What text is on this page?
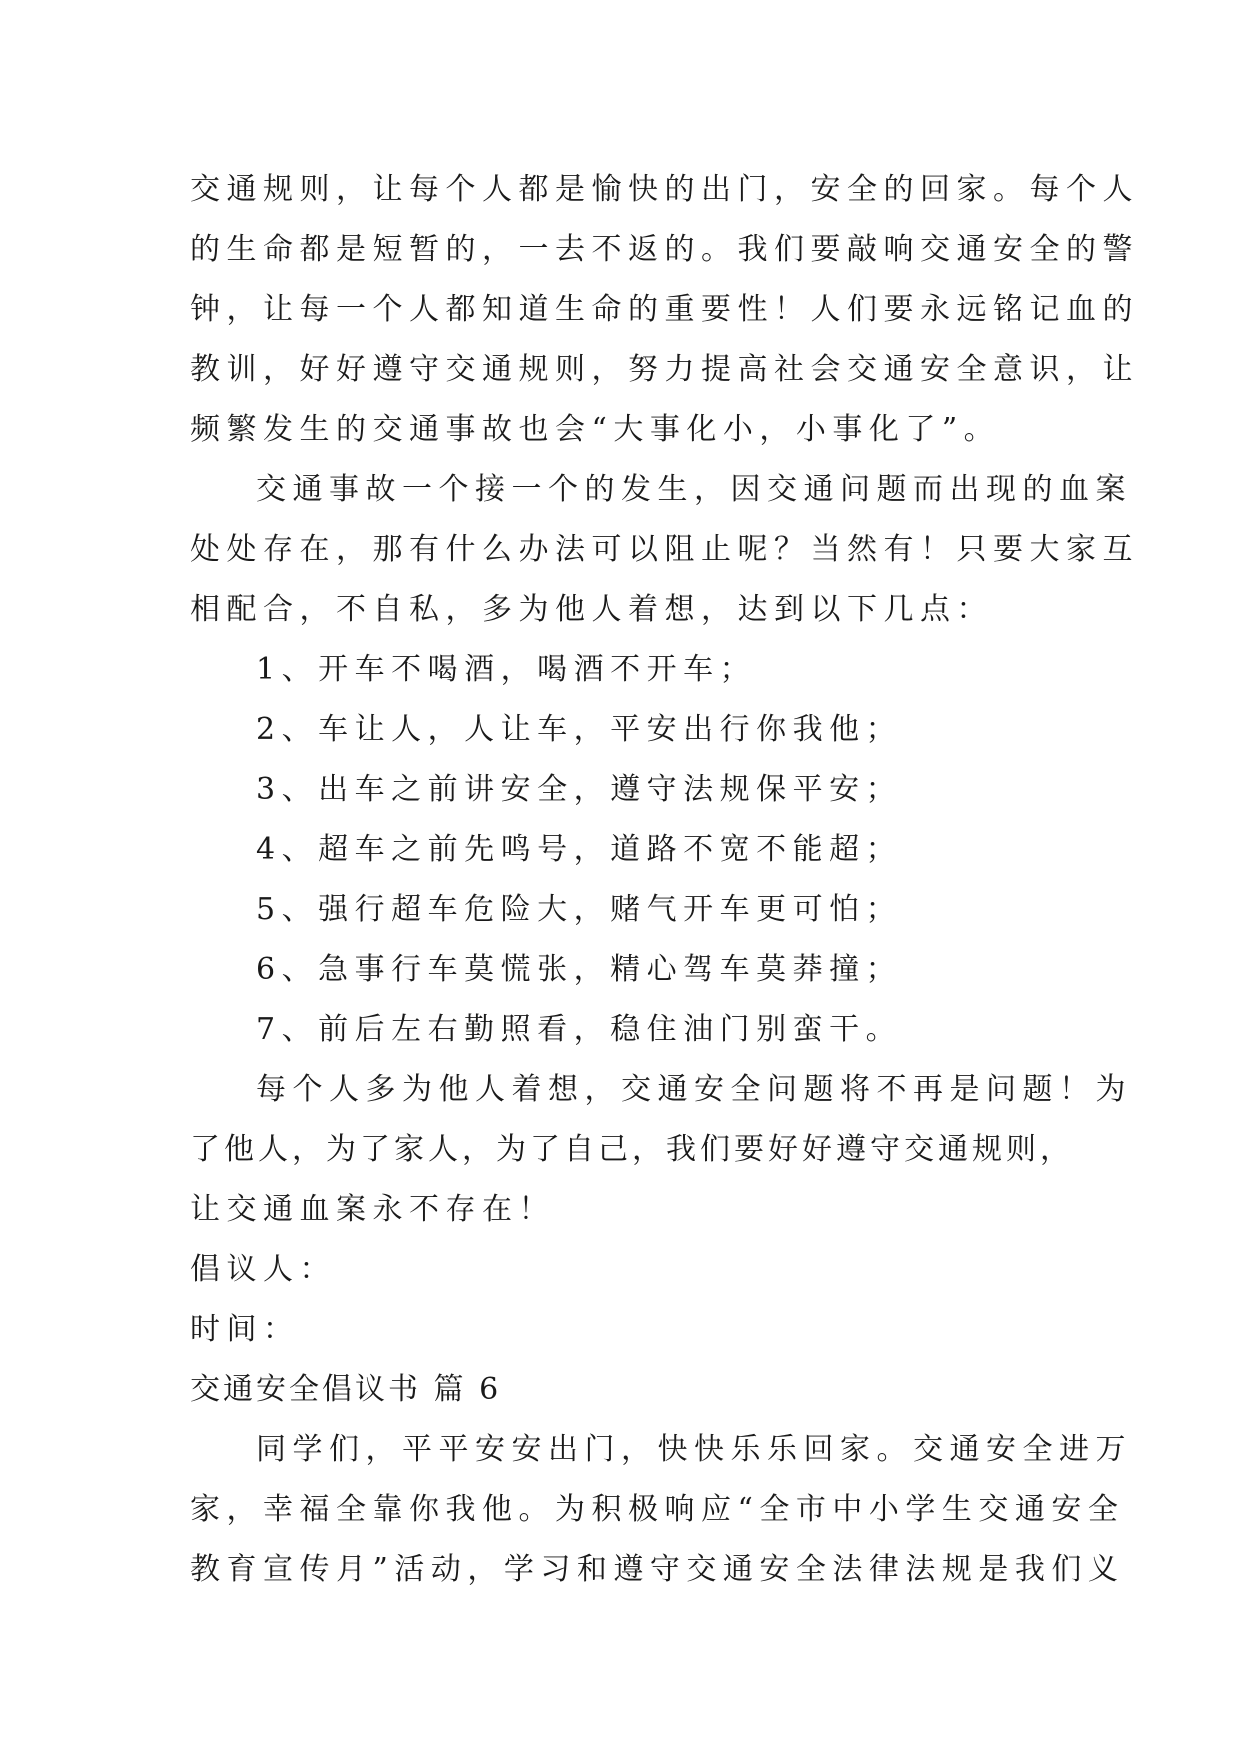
交通规则，让每个人都是愉快的出门，安全的回家。每个人
的生命都是短暂的，一去不返的。我们要敲响交通安全的警
钟，让每一个人都知道生命的重要性！人们要永远铭记血的
教训，好好遵守交通规则，努力提高社会交通安全意识，让
频繁发生的交通事故也会“大事化小，小事化了”。
交通事故一个接一个的发生，因交通问题而出现的血案
处处存在，那有什么办法可以阻止呢？当然有！只要大家互
相配合，不自私，多为他人着想，达到以下几点：
1、开车不喝酒，喝酒不开车；
2、车让人，人让车，平安出行你我他；
3、出车之前讲安全，遵守法规保平安；
4、超车之前先鸣号，道路不宽不能超；
5、强行超车危险大，赌气开车更可怕；
6、急事行车莫慌张，精心驾车莫莽撞；
7、前后左右勤照看，稳住油门别蛮干。
每个人多为他人着想，交通安全问题将不再是问题！为
了他人，为了家人，为了自己，我们要好好遵守交通规则，
让交通血案永不存在！
倡议人：
时间：
交通安全倡议书 篇 6
同学们，平平安安出门，快快乐乐回家。交通安全进万
家，幸福全靠你我他。为积极响应“全市中小学生交通安全
教育宣传月”活动，学习和遵守交通安全法律法规是我们义
